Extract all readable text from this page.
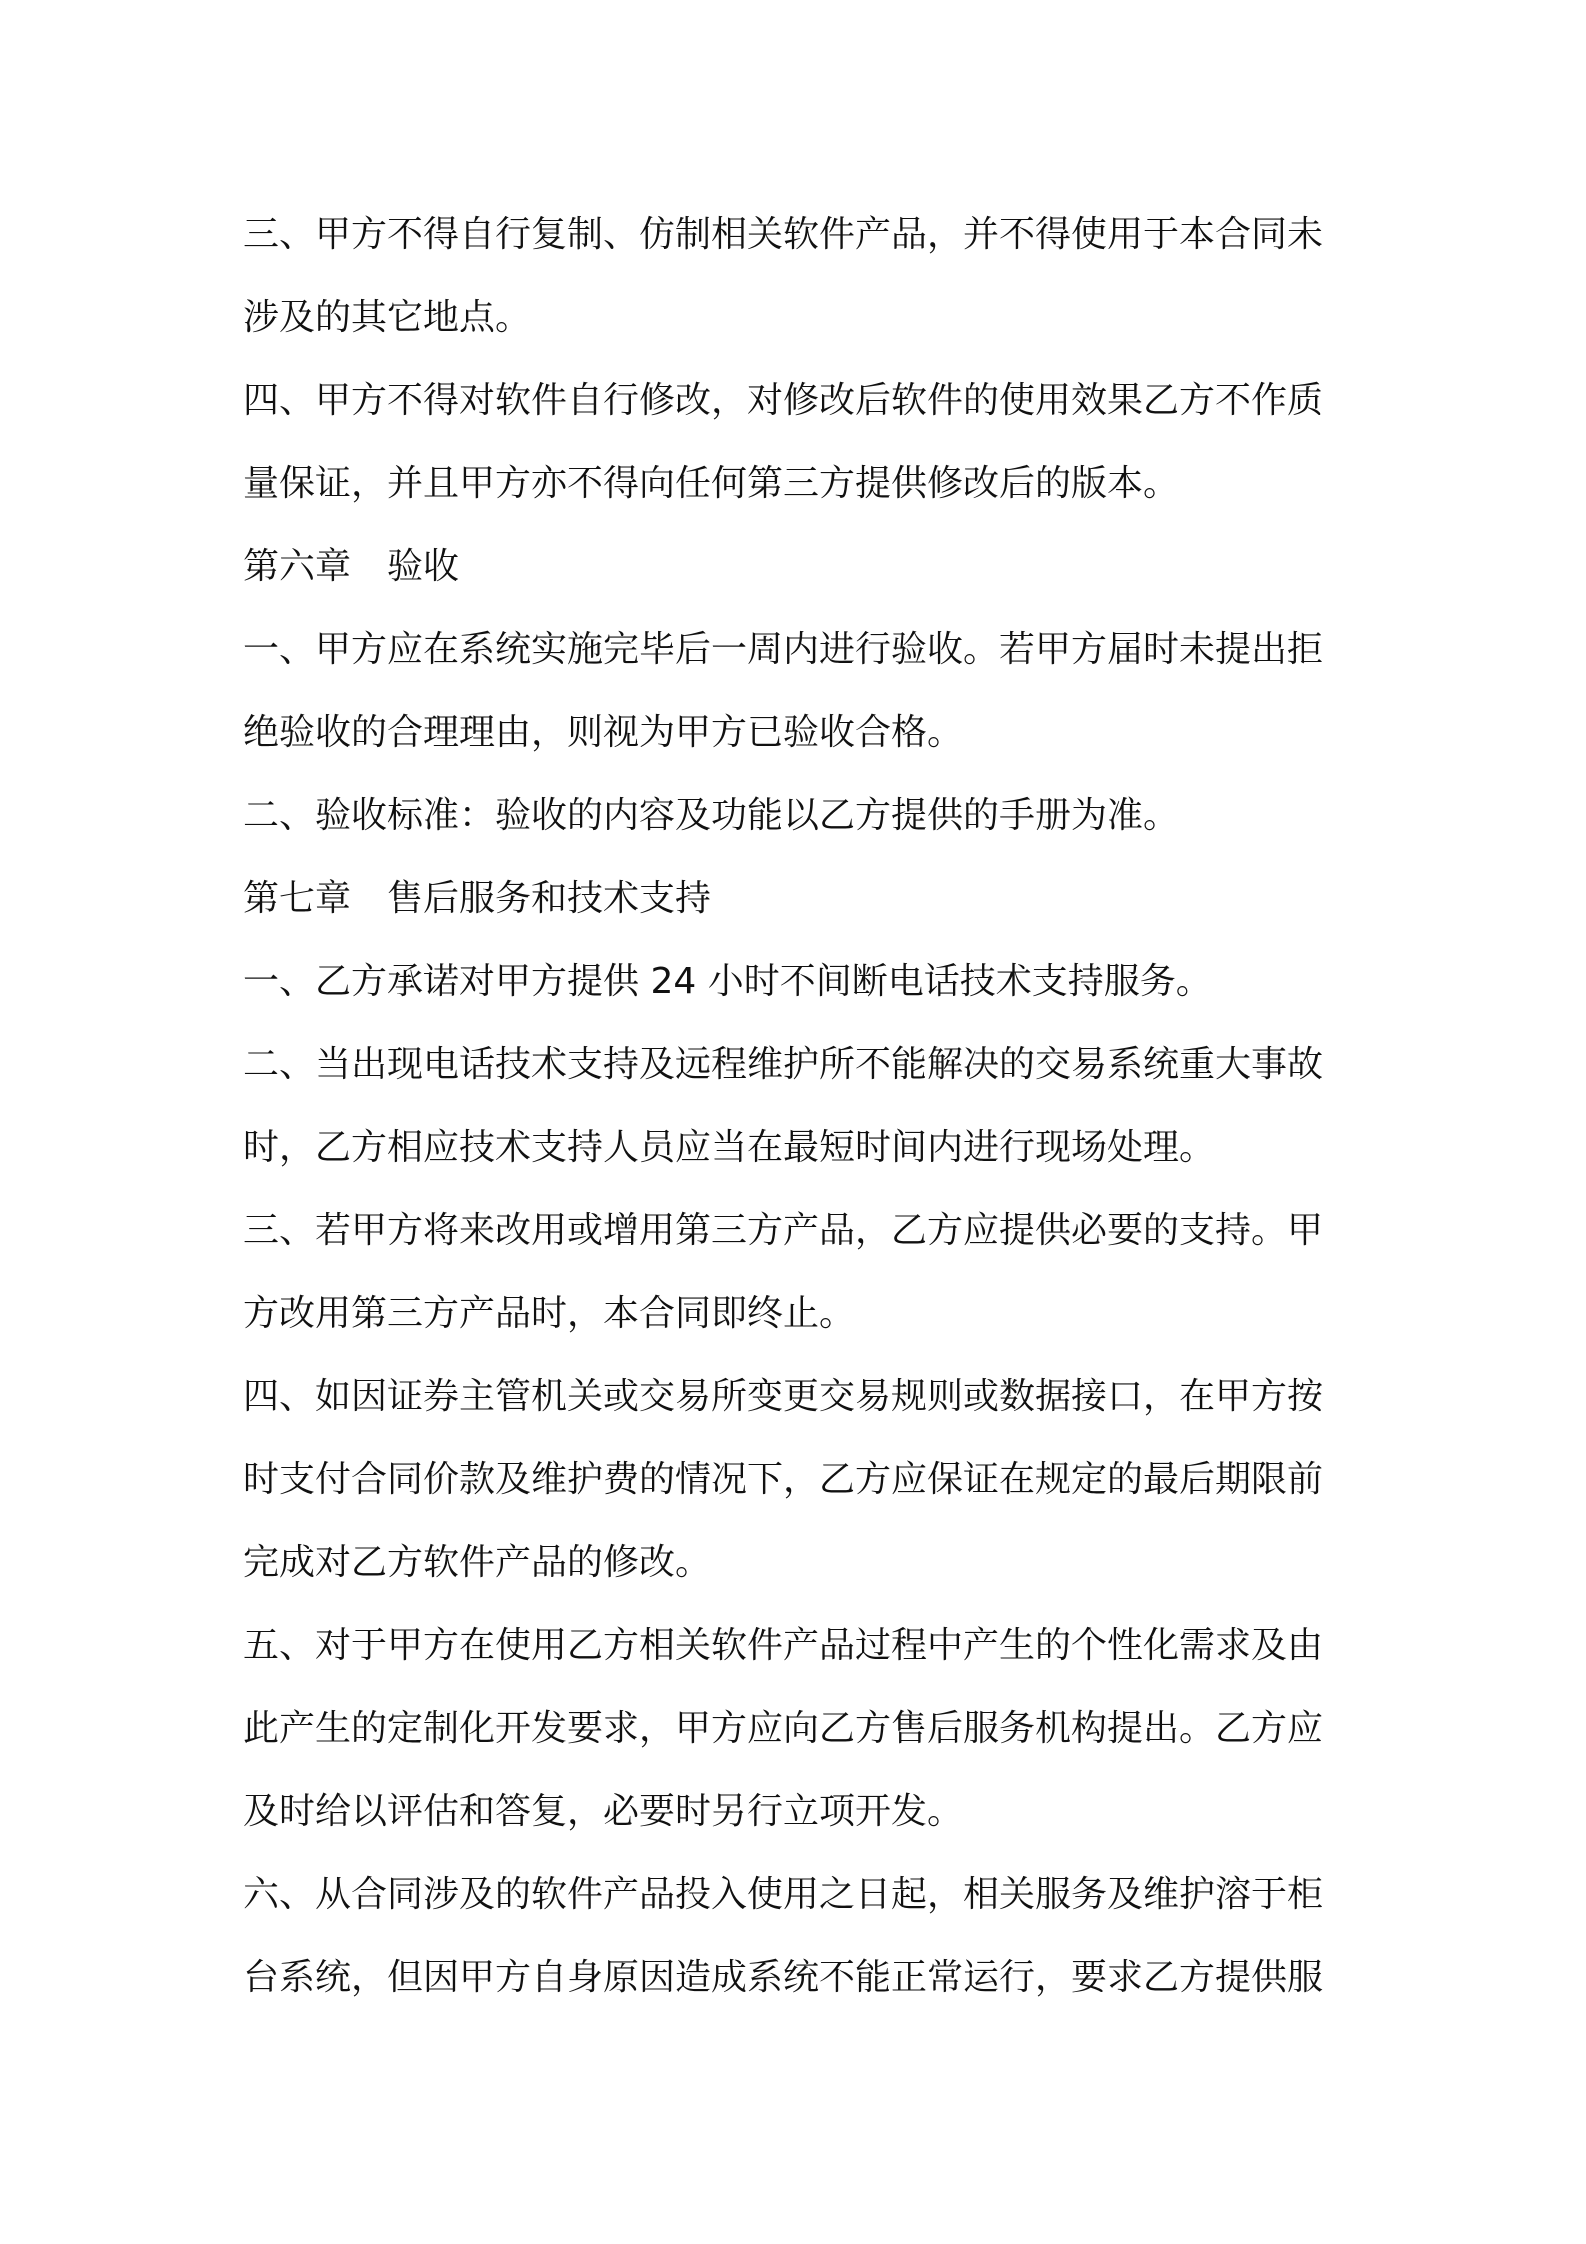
三、甲方不得自行复制、仿制相关软件产品，并不得使用于本合同未
涉及的其它地点。
四、甲方不得对软件自行修改，对修改后软件的使用效果乙方不作质
量保证，并且甲方亦不得向任何第三方提供修改后的版本。
第六章　验收
一、甲方应在系统实施完毕后一周内进行验收。若甲方届时未提出拒
绝验收的合理理由，则视为甲方已验收合格。
二、验收标准：验收的内容及功能以乙方提供的手册为准。
第七章　售后服务和技术支持
一、乙方承诺对甲方提供 24 小时不间断电话技术支持服务。
二、当出现电话技术支持及远程维护所不能解决的交易系统重大事故
时，乙方相应技术支持人员应当在最短时间内进行现场处理。
三、若甲方将来改用或增用第三方产品，乙方应提供必要的支持。甲
方改用第三方产品时，本合同即终止。
四、如因证券主管机关或交易所变更交易规则或数据接口，在甲方按
时支付合同价款及维护费的情况下，乙方应保证在规定的最后期限前
完成对乙方软件产品的修改。
五、对于甲方在使用乙方相关软件产品过程中产生的个性化需求及由
此产生的定制化开发要求，甲方应向乙方售后服务机构提出。乙方应
及时给以评估和答复，必要时另行立项开发。
六、从合同涉及的软件产品投入使用之日起，相关服务及维护溶于柜
台系统，但因甲方自身原因造成系统不能正常运行，要求乙方提供服
